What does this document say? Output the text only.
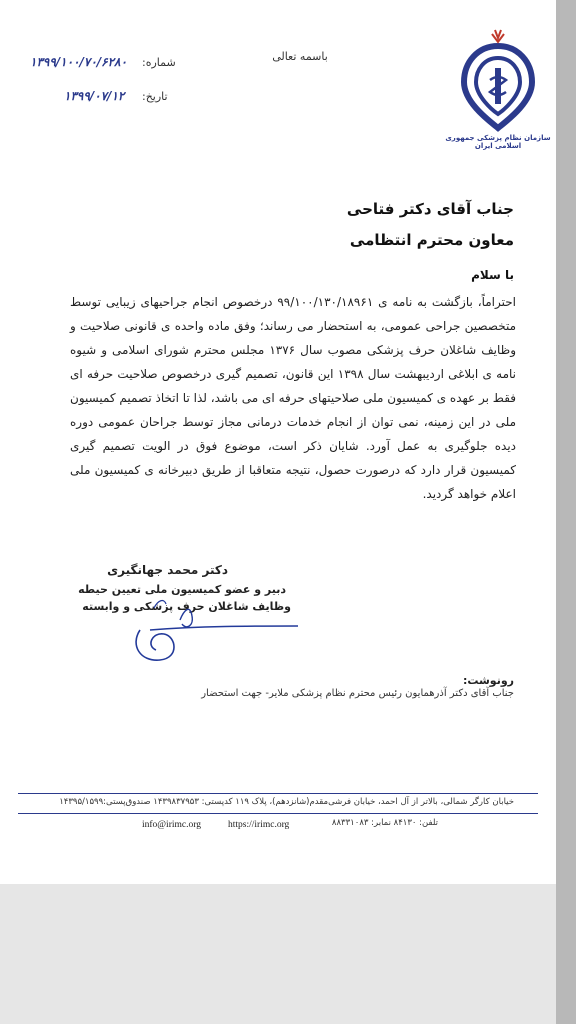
سازمان نظام پزشکی جمهوری اسلامی ایران
باسمه تعالی
شماره:
۱۳۹۹/۱۰۰/۷۰/۶۲۸۰
تاریخ:
۱۳۹۹/۰۷/۱۲
جناب آقای دکتر فتاحی
معاون محترم انتظامی
با سلام
احتراماً، بازگشت به نامه ی ۹۹/۱۰۰/۱۳۰/۱۸۹۶۱ درخصوص انجام جراحیهای زیبایی توسط متخصصین جراحی عمومی، به استحضار می رساند؛ وفق ماده واحده ی قانونی صلاحیت و وظایف شاغلان حرف پزشکی مصوب سال ۱۳۷۶ مجلس محترم شورای اسلامی و شیوه نامه ی ابلاغی اردیبهشت سال ۱۳۹۸ این قانون، تصمیم گیری درخصوص صلاحیت حرفه ای فقط بر عهده ی کمیسیون ملی صلاحیتهای حرفه ای می باشد، لذا تا اتخاذ تصمیم کمیسیون ملی در این زمینه، نمی توان از انجام خدمات درمانی مجاز توسط جراحان عمومی دوره دیده جلوگیری به عمل آورد. شایان ذکر است، موضوع فوق در الویت تصمیم گیری کمیسیون قرار دارد که درصورت حصول، نتیجه متعاقبا از طریق دبیرخانه ی کمیسیون ملی اعلام خواهد گردید.
دکتر محمد جهانگیری
دبیر و عضو کمیسیون ملی تعیین حیطه
وظایف شاغلان حرف پزشکی و وابسته
رونوشت:
جناب آقای دکتر آذرهمایون رئیس محترم نظام پزشکی ملایر- جهت استحضار
خیابان کارگر شمالی، بالاتر از آل احمد، خیابان فرشی‌مقدم(شانزدهم)، پلاک ۱۱۹ کدپستی: ۱۴۳۹۸۳۷۹۵۳ صندوق‌پستی:۱۴۳۹۵/۱۵۹۹
تلفن: ۸۴۱۳۰ نمابر: ۸۸۳۳۱۰۸۳
https://irimc.org
info@irimc.org
